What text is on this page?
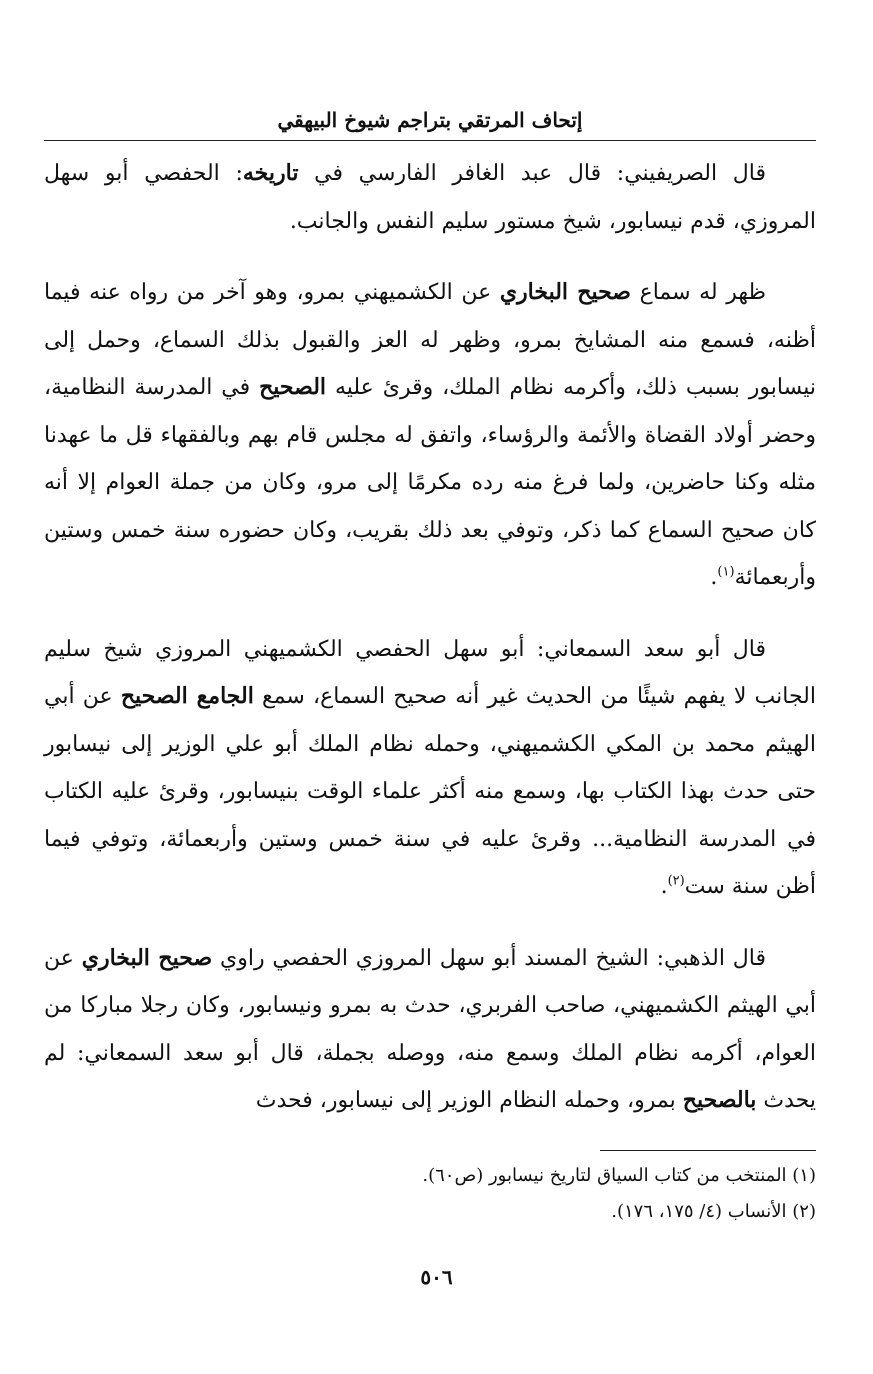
إتحاف المرتقي بتراجم شيوخ البيهقي

قال الصريفيني: قال عبد الغافر الفارسي في تاريخه: الحفصي أبو سهل المروزي، قدم نيسابور، شيخ مستور سليم النفس والجانب.

ظهر له سماع صحيح البخاري عن الكشميهني بمرو، وهو آخر من رواه عنه فيما أظنه، فسمع منه المشايخ بمرو، وظهر له العز والقبول بذلك السماع، وحمل إلى نيسابور بسبب ذلك، وأكرمه نظام الملك، وقرئ عليه الصحيح في المدرسة النظامية، وحضر أولاد القضاة والأئمة والرؤساء، واتفق له مجلس قام بهم وبالفقهاء قل ما عهدنا مثله وكنا حاضرين، ولما فرغ منه رده مكرمًا إلى مرو، وكان من جملة العوام إلا أنه كان صحيح السماع كما ذكر، وتوفي بعد ذلك بقريب، وكان حضوره سنة خمس وستين وأربعمائة$^{(١)}$.

قال أبو سعد السمعاني: أبو سهل الحفصي الكشميهني المروزي شيخ سليم الجانب لا يفهم شيئًا من الحديث غير أنه صحيح السماع، سمع الجامع الصحيح عن أبي الهيثم محمد بن المكي الكشميهني، وحمله نظام الملك أبو علي الوزير إلى نيسابور حتى حدث بهذا الكتاب بها، وسمع منه أكثر علماء الوقت بنيسابور، وقرئ عليه الكتاب في المدرسة النظامية... وقرئ عليه في سنة خمس وستين وأربعمائة، وتوفي فيما أظن سنة ست$^{(٢)}$.

قال الذهبي: الشيخ المسند أبو سهل المروزي الحفصي راوي صحيح البخاري عن أبي الهيثم الكشميهني، صاحب الفربري، حدث به بمرو ونيسابور، وكان رجلا مباركا من العوام، أكرمه نظام الملك وسمع منه، ووصله بجملة، قال أبو سعد السمعاني: لم يحدث بالصحيح بمرو، وحمله النظام الوزير إلى نيسابور، فحدث

(١) المنتخب من كتاب السياق لتاريخ نيسابور (ص٦٠).

(٢) الأنساب (٤/ ١٧٥، ١٧٦).

٥٠٦
